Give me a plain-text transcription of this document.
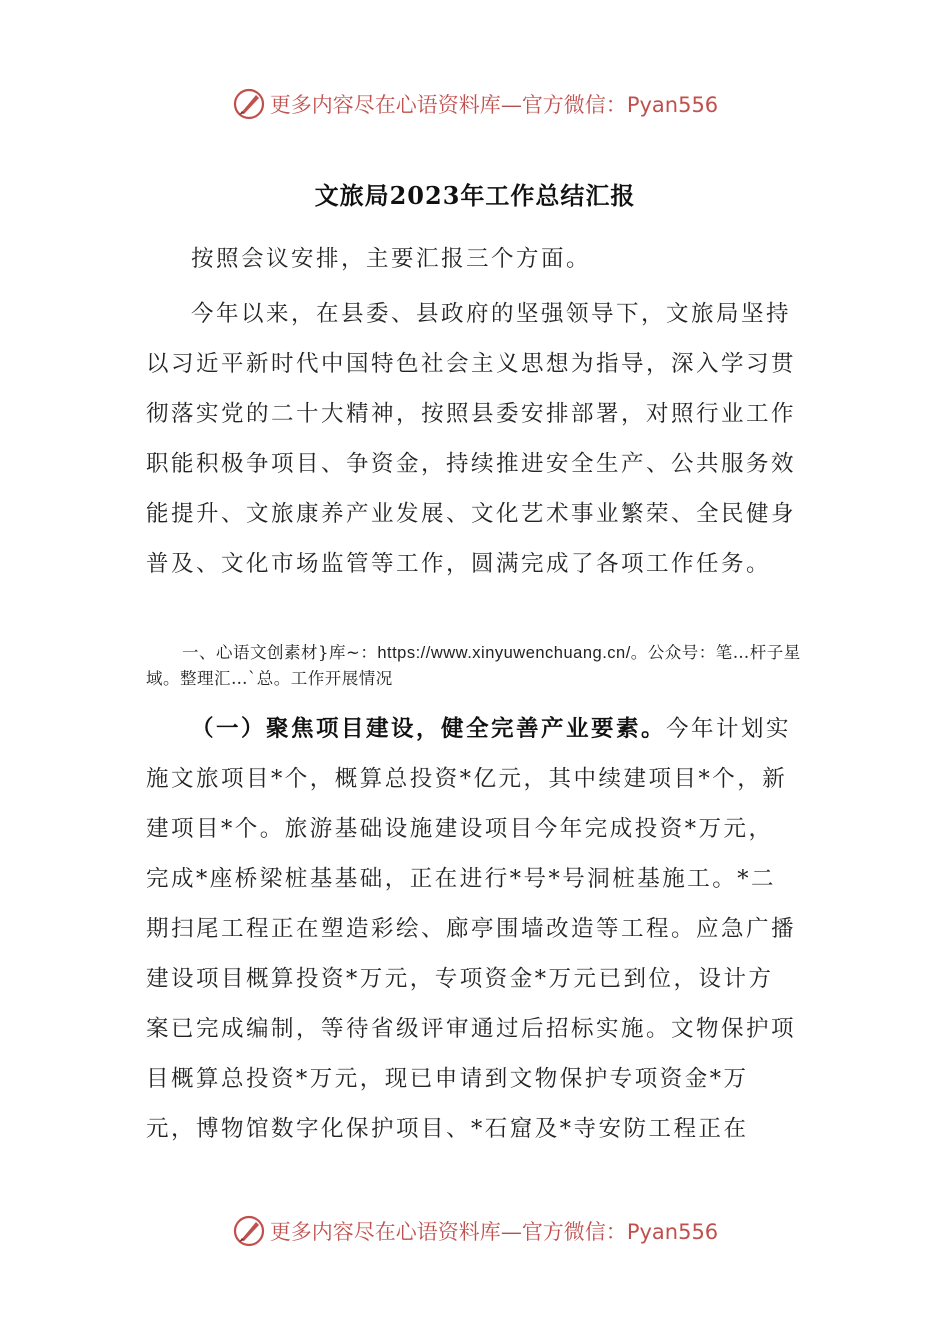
更多内容尽在心语资料库—官方微信：Pyan556
文旅局2023年工作总结汇报

按照会议安排，主要汇报三个方面。

今年以来，在县委、县政府的坚强领导下，文旅局坚持以习近平新时代中国特色社会主义思想为指导，深入学习贯彻落实党的二十大精神，按照县委安排部署，对照行业工作职能积极争项目、争资金，持续推进安全生产、公共服务效能提升、文旅康养产业发展、文化艺术事业繁荣、全民健身普及、文化市场监管等工作，圆满完成了各项工作任务。

一、心语文创素材}库~：https://www.xinyuwenchuang.cn/。公众号：笔…杆子星域。整理汇…`总。工作开展情况

（一）聚焦项目建设，健全完善产业要素。今年计划实施文旅项目*个，概算总投资*亿元，其中续建项目*个，新建项目*个。旅游基础设施建设项目今年完成投资*万元，完成*座桥梁桩基基础，正在进行*号*号洞桩基施工。*二期扫尾工程正在塑造彩绘、廊亭围墙改造等工程。应急广播建设项目概算投资*万元，专项资金*万元已到位，设计方案已完成编制，等待省级评审通过后招标实施。文物保护项目概算总投资*万元，现已申请到文物保护专项资金*万元，博物馆数字化保护项目、*石窟及*寺安防工程正在

更多内容尽在心语资料库—官方微信：Pyan556
